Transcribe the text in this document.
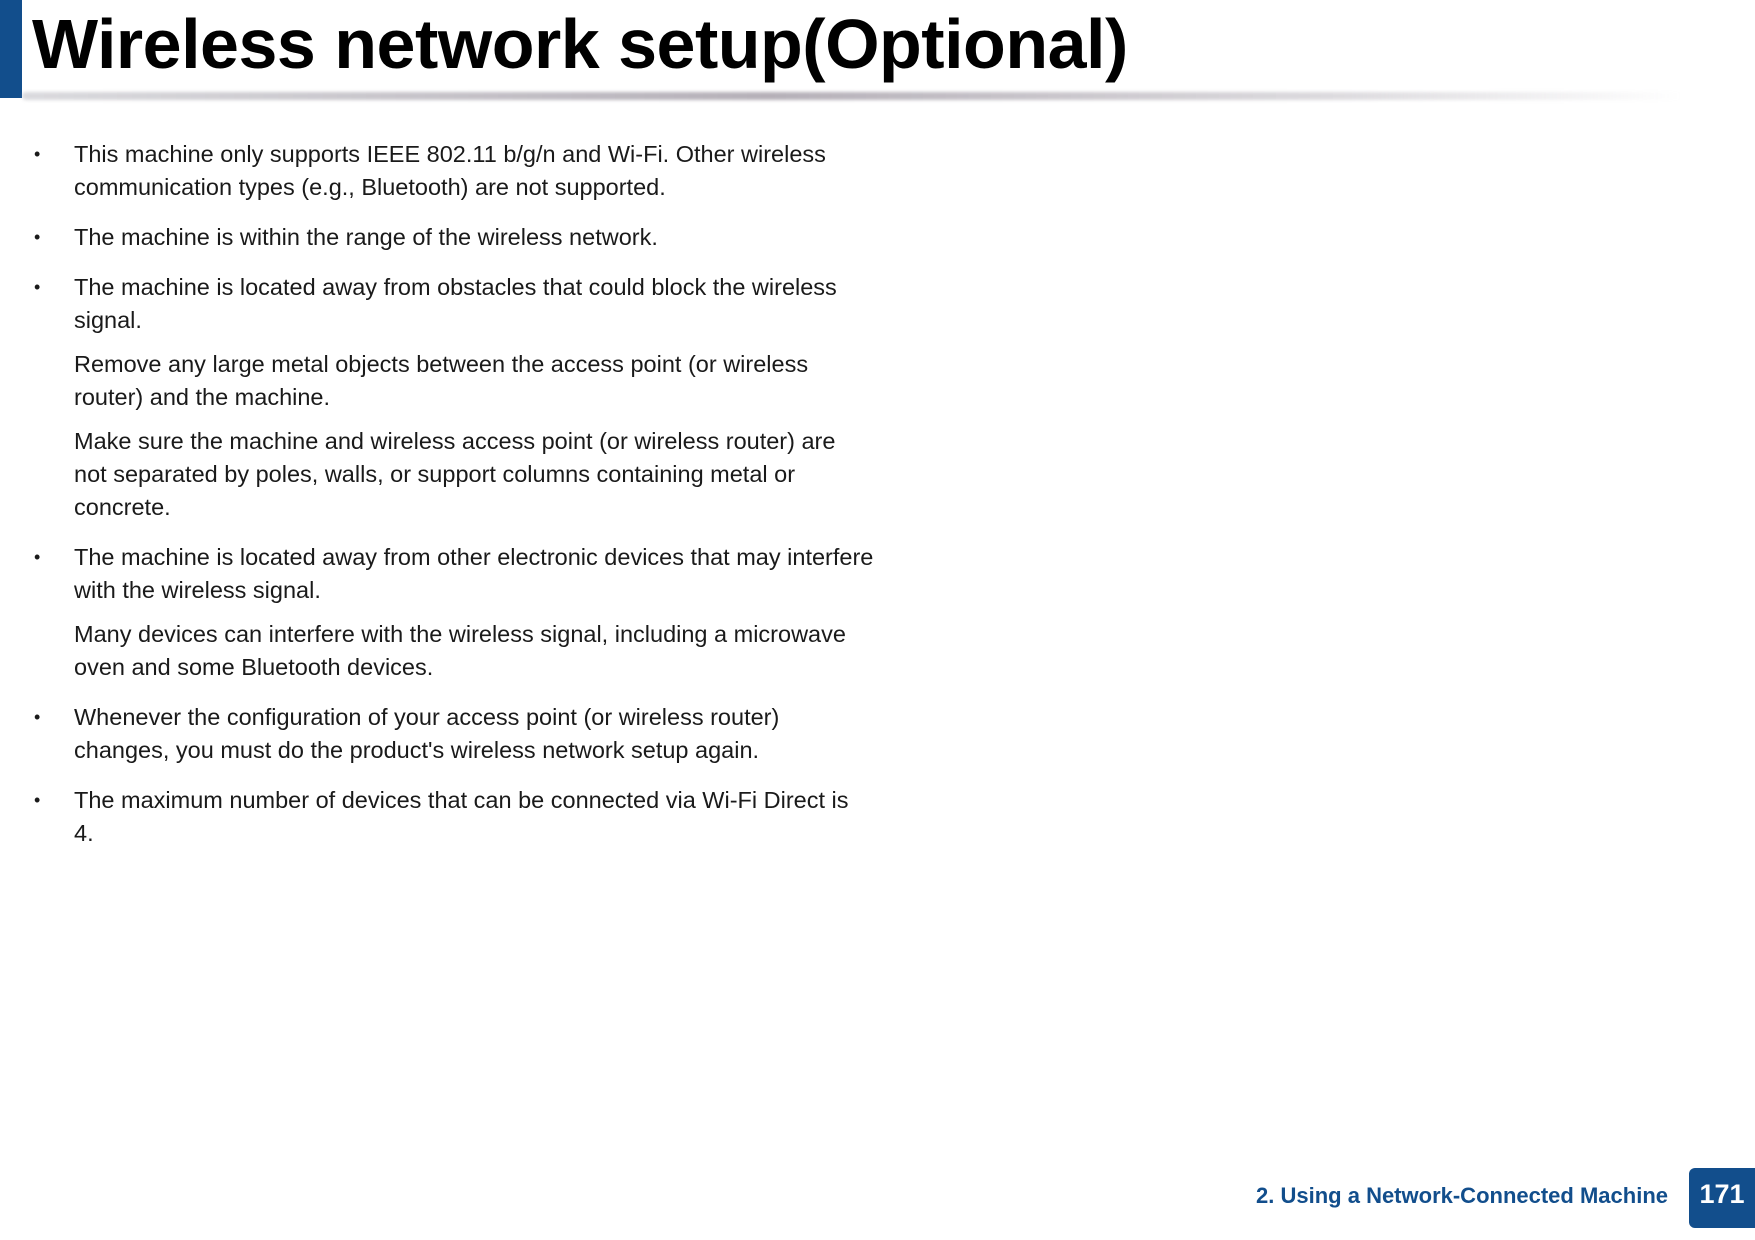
Wireless network setup(Optional)
•	This machine only supports IEEE 802.11 b/g/n and Wi-Fi. Other wireless communication types (e.g., Bluetooth) are not supported.

•	The machine is within the range of the wireless network.

•	The machine is located away from obstacles that could block the wireless signal.

Remove any large metal objects between the access point (or wireless router) and the machine.

Make sure the machine and wireless access point (or wireless router) are not separated by poles, walls, or support columns containing metal or concrete.

•	The machine is located away from other electronic devices that may interfere with the wireless signal.

Many devices can interfere with the wireless signal, including a microwave oven and some Bluetooth devices.

•	Whenever the configuration of your access point (or wireless router) changes, you must do the product's wireless network setup again.

•	The maximum number of devices that can be connected via Wi-Fi Direct is 4.

2. Using a Network-Connected Machine	171
